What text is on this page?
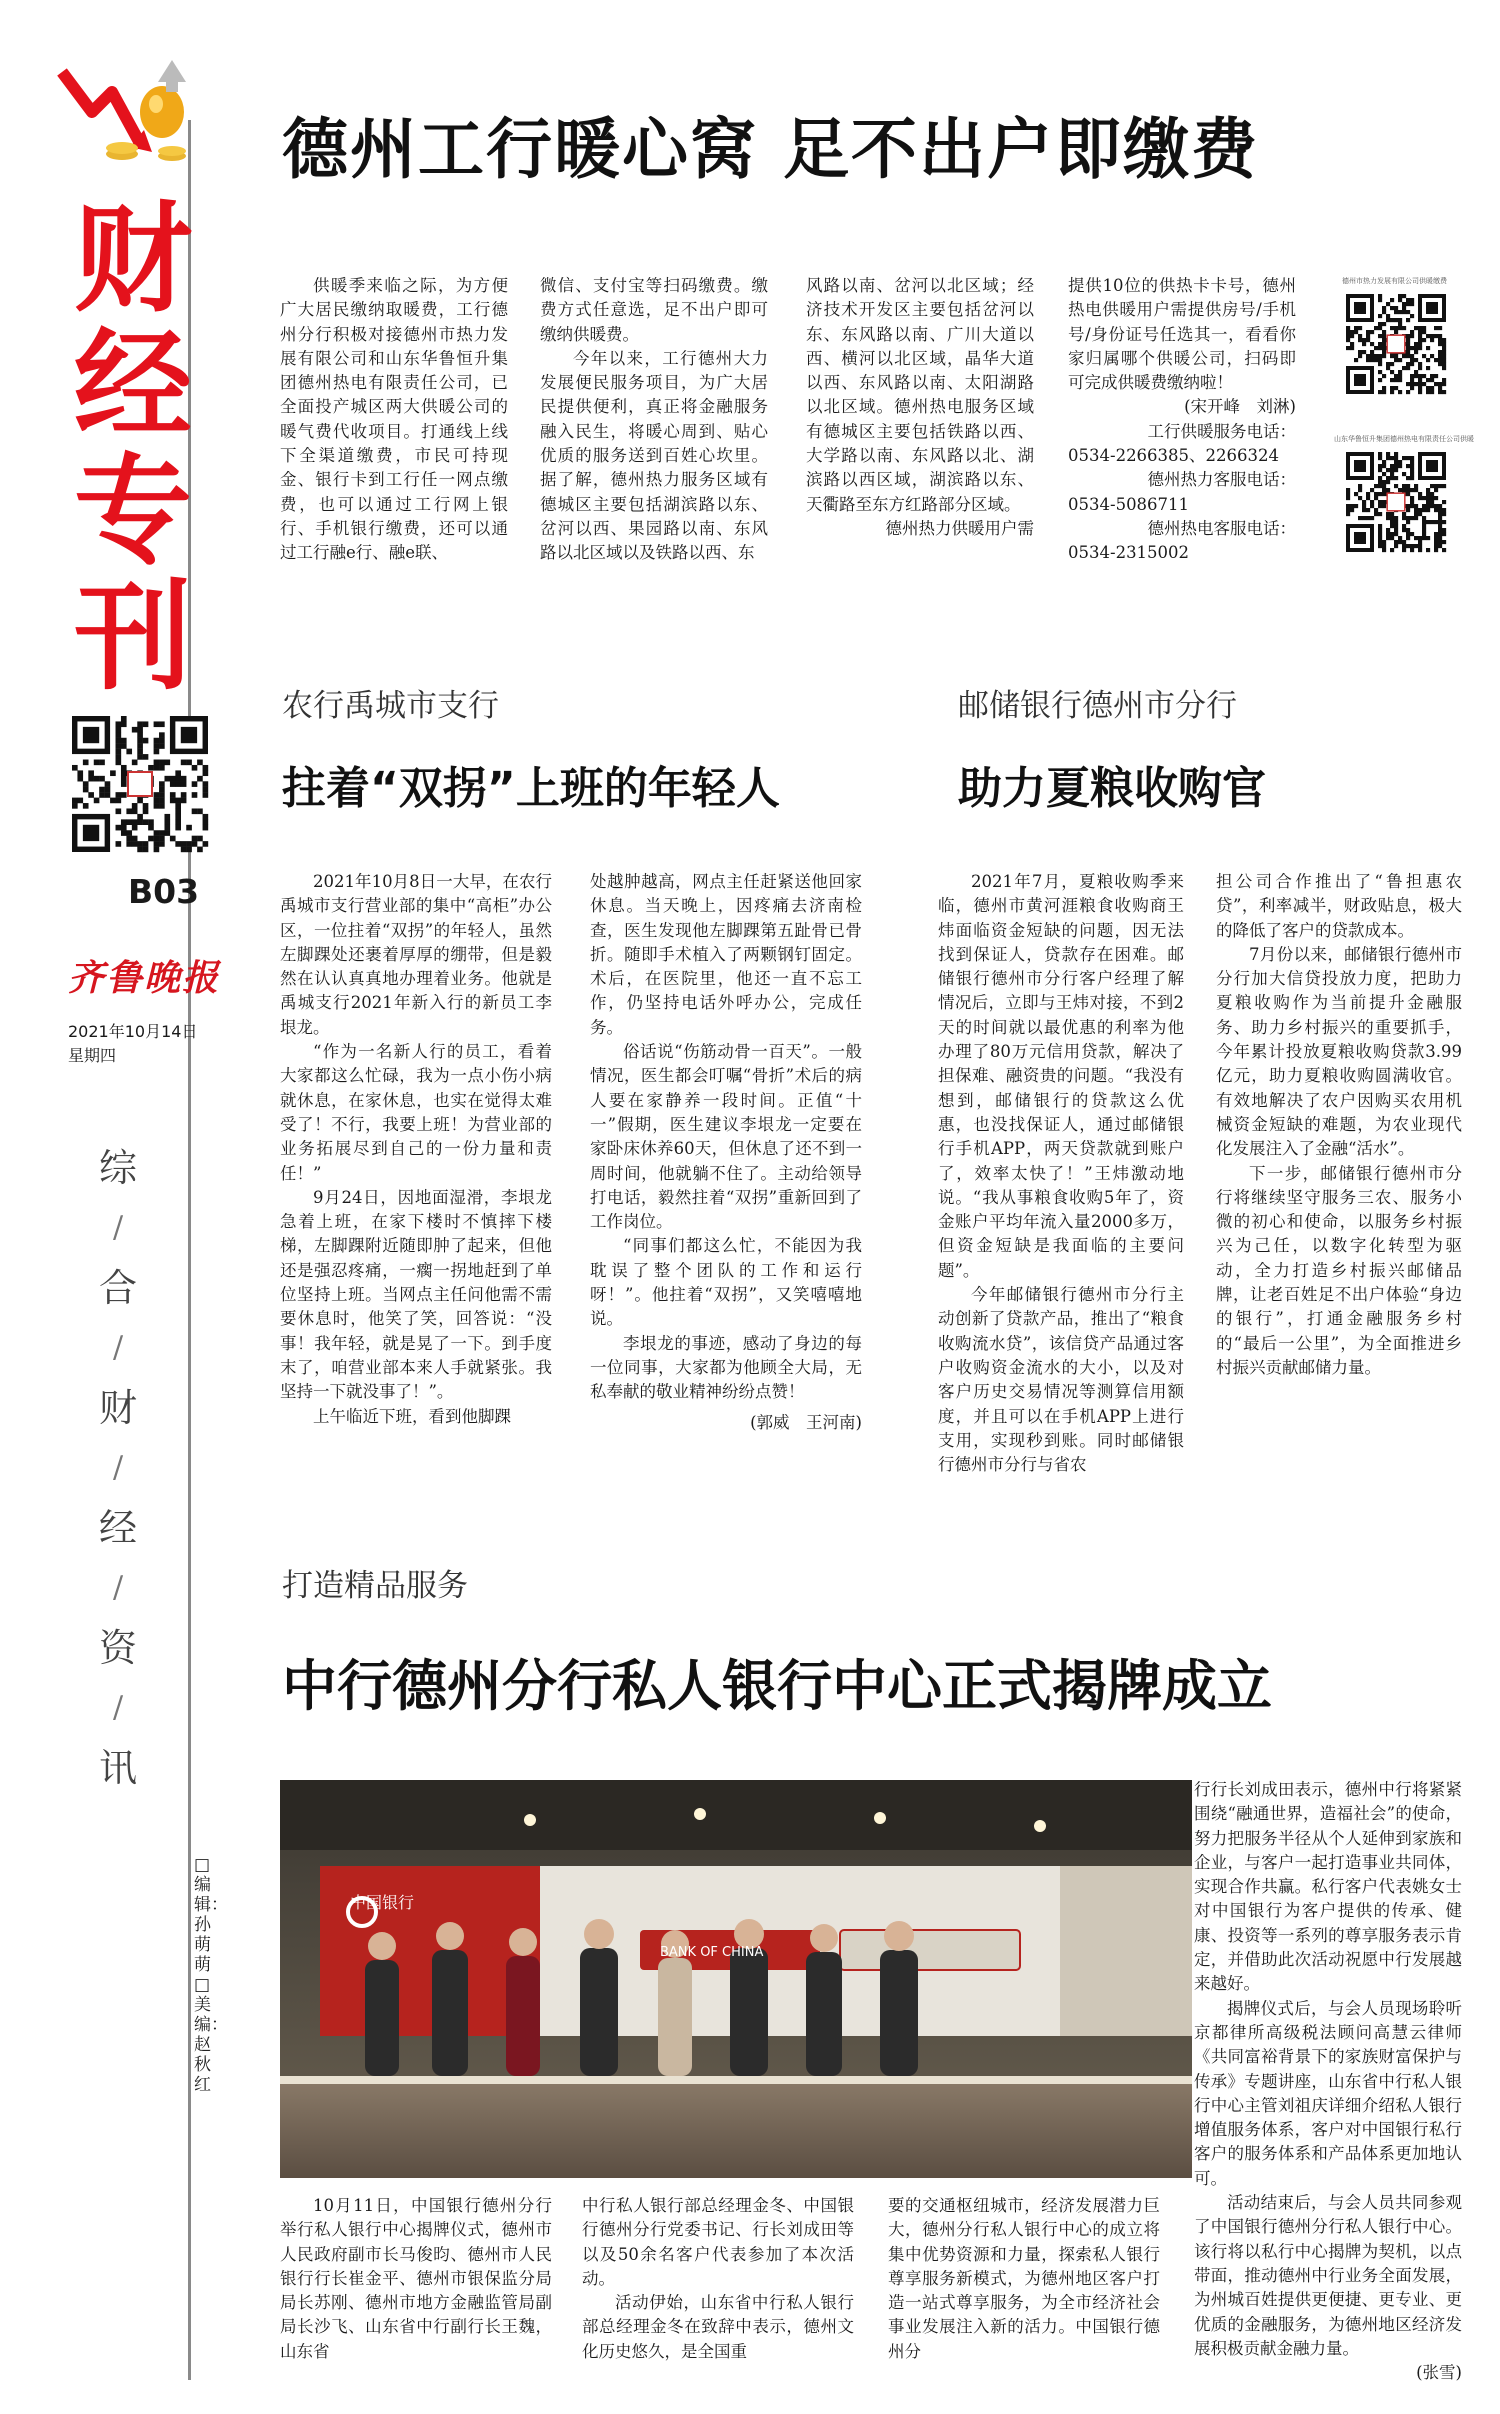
财经专刊
B03
齐鲁晚报
2021年10月14日
星期四
综
/
合
/
财
/
经
/
资
/
讯
□编辑：孙萌萌 □美编：赵秋红
德州工行暖心窝 足不出户即缴费

供暖季来临之际，为方便广大居民缴纳取暖费，工行德州分行积极对接德州市热力发展有限公司和山东华鲁恒升集团德州热电有限责任公司，已全面投产城区两大供暖公司的暖气费代收项目。打通线上线下全渠道缴费，市民可持现金、银行卡到工行任一网点缴费，也可以通过工行网上银行、手机银行缴费，还可以通过工行融e行、融e联、

微信、支付宝等扫码缴费。缴费方式任意选，足不出户即可缴纳供暖费。

今年以来，工行德州大力发展便民服务项目，为广大居民提供便利，真正将金融服务融入民生，将暖心周到、贴心优质的服务送到百姓心坎里。据了解，德州热力服务区域有德城区主要包括湖滨路以东、岔河以西、果园路以南、东风路以北区域以及铁路以西、东

风路以南、岔河以北区域；经济技术开发区主要包括岔河以东、东风路以南、广川大道以西、横河以北区域，晶华大道以西、东风路以南、太阳湖路以北区域。德州热电服务区域有德城区主要包括铁路以西、大学路以南、东风路以北、湖滨路以西区域，湖滨路以东、天衢路至东方红路部分区域。

德州热力供暖用户需

提供10位的供热卡卡号，德州热电供暖用户需提供房号/手机号/身份证号任选其一，看看你家归属哪个供暖公司，扫码即可完成供暖费缴纳啦！

(宋开峰　刘淋)

工行供暖服务电话：
0534-2266385、2266324
德州热力客服电话：
0534-5086711
德州热电客服电话：
0534-2315002
德州市热力发展有限公司供暖缴费
山东华鲁恒升集团德州热电有限责任公司供暖
农行禹城市支行
拄着“双拐”上班的年轻人

2021年10月8日一大早，在农行禹城市支行营业部的集中“高柜”办公区，一位拄着“双拐”的年轻人，虽然左脚踝处还裹着厚厚的绷带，但是毅然在认认真真地办理着业务。他就是禹城支行2021年新入行的新员工李垠龙。

“作为一名新人行的员工，看着大家都这么忙碌，我为一点小伤小病就休息，在家休息，也实在觉得太难受了！不行，我要上班！为营业部的业务拓展尽到自己的一份力量和责任！”

9月24日，因地面湿滑，李垠龙急着上班，在家下楼时不慎摔下楼梯，左脚踝附近随即肿了起来，但他还是强忍疼痛，一瘸一拐地赶到了单位坚持上班。当网点主任问他需不需要休息时，他笑了笑，回答说：“没事！我年轻，就是晃了一下。到手度末了，咱营业部本来人手就紧张。我坚持一下就没事了！”。

上午临近下班，看到他脚踝

处越肿越高，网点主任赶紧送他回家休息。当天晚上，因疼痛去济南检查，医生发现他左脚踝第五趾骨已骨折。随即手术植入了两颗钢钉固定。术后，在医院里，他还一直不忘工作，仍坚持电话外呼办公，完成任务。

俗话说“伤筋动骨一百天”。一般情况，医生都会叮嘱“骨折”术后的病人要在家静养一段时间。正值“十一”假期，医生建议李垠龙一定要在家卧床休养60天，但休息了还不到一周时间，他就躺不住了。主动给领导打电话，毅然拄着“双拐”重新回到了工作岗位。

“同事们都这么忙，不能因为我耽误了整个团队的工作和运行呀！”。他拄着“双拐”，又笑嘻嘻地说。

李垠龙的事迹，感动了身边的每一位同事，大家都为他顾全大局，无私奉献的敬业精神纷纷点赞！

(郭威　王河南)

邮储银行德州市分行
助力夏粮收购官

2021年7月，夏粮收购季来临，德州市黄河涯粮食收购商王炜面临资金短缺的问题，因无法找到保证人，贷款存在困难。邮储银行德州市分行客户经理了解情况后，立即与王炜对接，不到2天的时间就以最优惠的利率为他办理了80万元信用贷款，解决了担保难、融资贵的问题。“我没有想到，邮储银行的贷款这么优惠，也没找保证人，通过邮储银行手机APP，两天贷款就到账户了，效率太快了！”王炜激动地说。“我从事粮食收购5年了，资金账户平均年流入量2000多万，但资金短缺是我面临的主要问题”。

今年邮储银行德州市分行主动创新了贷款产品，推出了“粮食收购流水贷”，该信贷产品通过客户收购资金流水的大小，以及对客户历史交易情况等测算信用额度，并且可以在手机APP上进行支用，实现秒到账。同时邮储银行德州市分行与省农

担公司合作推出了“鲁担惠农贷”，利率减半，财政贴息，极大的降低了客户的贷款成本。

7月份以来，邮储银行德州市分行加大信贷投放力度，把助力夏粮收购作为当前提升金融服务、助力乡村振兴的重要抓手，今年累计投放夏粮收购贷款3.99亿元，助力夏粮收购圆满收官。有效地解决了农户因购买农用机械资金短缺的难题，为农业现代化发展注入了金融“活水”。

下一步，邮储银行德州市分行将继续坚守服务三农、服务小微的初心和使命，以服务乡村振兴为己任，以数字化转型为驱动，全力打造乡村振兴邮储品牌，让老百姓足不出户体验“身边的银行”，打通金融服务乡村的“最后一公里”，为全面推进乡村振兴贡献邮储力量。

打造精品服务
中行德州分行私人银行中心正式揭牌成立
中国银行
BANK OF CHINA

行行长刘成田表示，德州中行将紧紧围绕“融通世界，造福社会”的使命，努力把服务半径从个人延伸到家族和企业，与客户一起打造事业共同体，实现合作共赢。私行客户代表姚女士对中国银行为客户提供的传承、健康、投资等一系列的尊享服务表示肯定，并借助此次活动祝愿中行发展越来越好。

揭牌仪式后，与会人员现场聆听京都律所高级税法顾问高慧云律师《共同富裕背景下的家族财富保护与传承》专题讲座，山东省中行私人银行中心主管刘祖庆详细介绍私人银行增值服务体系，客户对中国银行私行客户的服务体系和产品体系更加地认可。

活动结束后，与会人员共同参观了中国银行德州分行私人银行中心。该行将以私行中心揭牌为契机，以点带面，推动德州中行业务全面发展，为州城百姓提供更便捷、更专业、更优质的金融服务，为德州地区经济发展积极贡献金融力量。

(张雪)

10月11日，中国银行德州分行举行私人银行中心揭牌仪式，德州市人民政府副市长马俊昀、德州市人民银行行长崔金平、德州市银保监分局局长苏刚、德州市地方金融监管局副局长沙飞、山东省中行副行长王魏，山东省

中行私人银行部总经理金冬、中国银行德州分行党委书记、行长刘成田等以及50余名客户代表参加了本次活动。

活动伊始，山东省中行私人银行部总经理金冬在致辞中表示，德州文化历史悠久，是全国重

要的交通枢纽城市，经济发展潜力巨大，德州分行私人银行中心的成立将集中优势资源和力量，探索私人银行尊享服务新模式，为德州地区客户打造一站式尊享服务，为全市经济社会事业发展注入新的活力。中国银行德州分
